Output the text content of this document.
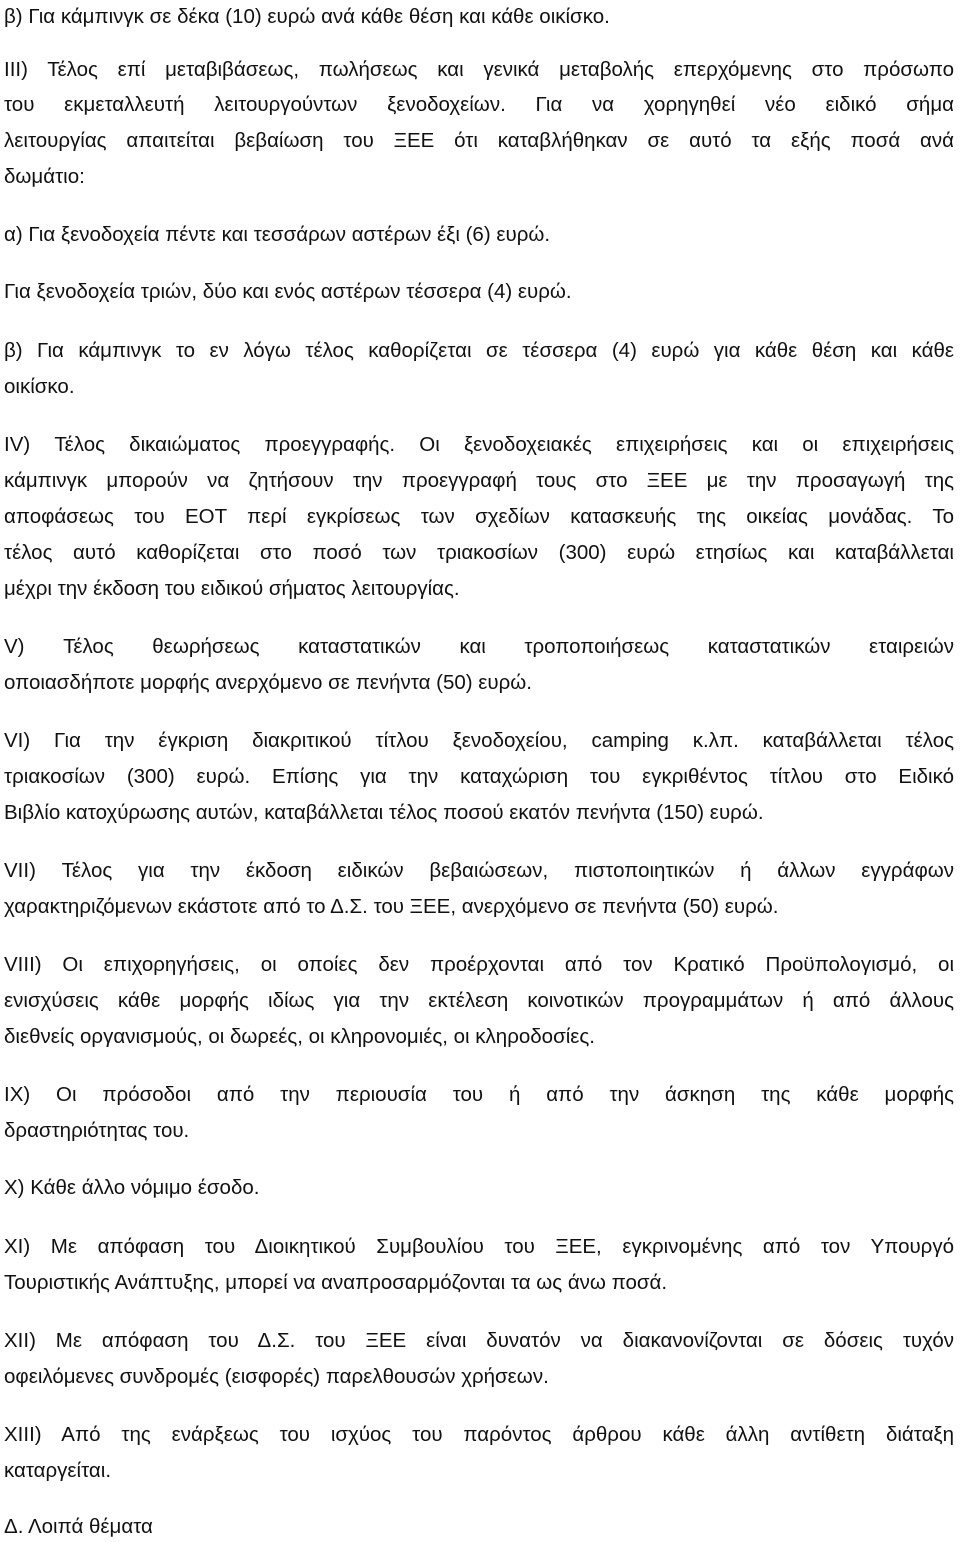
β) Για κάμπινγκ σε δέκα (10) ευρώ ανά κάθε θέση και κάθε οικίσκο.
ΙΙΙ) Τέλος επί μεταβιβάσεως, πωλήσεως και γενικά μεταβολής επερχόμενης στο πρόσωπο
του εκμεταλλευτή λειτουργούντων ξενοδοχείων. Για να χορηγηθεί νέο ειδικό σήμα
λειτουργίας απαιτείται βεβαίωση του ΞΕΕ ότι καταβλήθηκαν σε αυτό τα εξής ποσά ανά
δωμάτιο:
α) Για ξενοδοχεία πέντε και τεσσάρων αστέρων έξι (6) ευρώ.
Για ξενοδοχεία τριών, δύο και ενός αστέρων τέσσερα (4) ευρώ.
β) Για κάμπινγκ το εν λόγω τέλος καθορίζεται σε τέσσερα (4) ευρώ για κάθε θέση και κάθε
οικίσκο.
ΙV) Τέλος δικαιώματος προεγγραφής. Οι ξενοδοχειακές επιχειρήσεις και οι επιχειρήσεις
κάμπινγκ μπορούν να ζητήσουν την προεγγραφή τους στο ΞΕΕ με την προσαγωγή της
αποφάσεως του ΕΟΤ περί εγκρίσεως των σχεδίων κατασκευής της οικείας μονάδας. Το
τέλος αυτό καθορίζεται στο ποσό των τριακοσίων (300) ευρώ ετησίως και καταβάλλεται
μέχρι την έκδοση του ειδικού σήματος λειτουργίας.
V) Τέλος θεωρήσεως καταστατικών και τροποποιήσεως καταστατικών εταιρειών
οποιασδήποτε μορφής ανερχόμενο σε πενήντα (50) ευρώ.
VI) Για την έγκριση διακριτικού τίτλου ξενοδοχείου, camping κ.λπ. καταβάλλεται τέλος
τριακοσίων (300) ευρώ. Επίσης για την καταχώριση του εγκριθέντος τίτλου στο Ειδικό
Βιβλίο κατοχύρωσης αυτών, καταβάλλεται τέλος ποσού εκατόν πενήντα (150) ευρώ.
VII) Τέλος για την έκδοση ειδικών βεβαιώσεων, πιστοποιητικών ή άλλων εγγράφων
χαρακτηριζόμενων εκάστοτε από το Δ.Σ. του ΞΕΕ, ανερχόμενο σε πενήντα (50) ευρώ.
VIII) Οι επιχορηγήσεις, οι οποίες δεν προέρχονται από τον Κρατικό Προϋπολογισμό, οι
ενισχύσεις κάθε μορφής ιδίως για την εκτέλεση κοινοτικών προγραμμάτων ή από άλλους
διεθνείς οργανισμούς, οι δωρεές, οι κληρονομιές, οι κληροδοσίες.
ΙΧ) Οι πρόσοδοι από την περιουσία του ή από την άσκηση της κάθε μορφής
δραστηριότητας του.
Χ) Κάθε άλλο νόμιμο έσοδο.
ΧΙ) Με απόφαση του Διοικητικού Συμβουλίου του ΞΕΕ, εγκρινομένης από τον Υπουργό
Τουριστικής Ανάπτυξης, μπορεί να αναπροσαρμόζονται τα ως άνω ποσά.
ΧΙΙ) Με απόφαση του Δ.Σ. του ΞΕΕ είναι δυνατόν να διακανονίζονται σε δόσεις τυχόν
οφειλόμενες συνδρομές (εισφορές) παρελθουσών χρήσεων.
ΧΙΙΙ) Από της ενάρξεως του ισχύος του παρόντος άρθρου κάθε άλλη αντίθετη διάταξη
καταργείται.
Δ. Λοιπά θέματα
